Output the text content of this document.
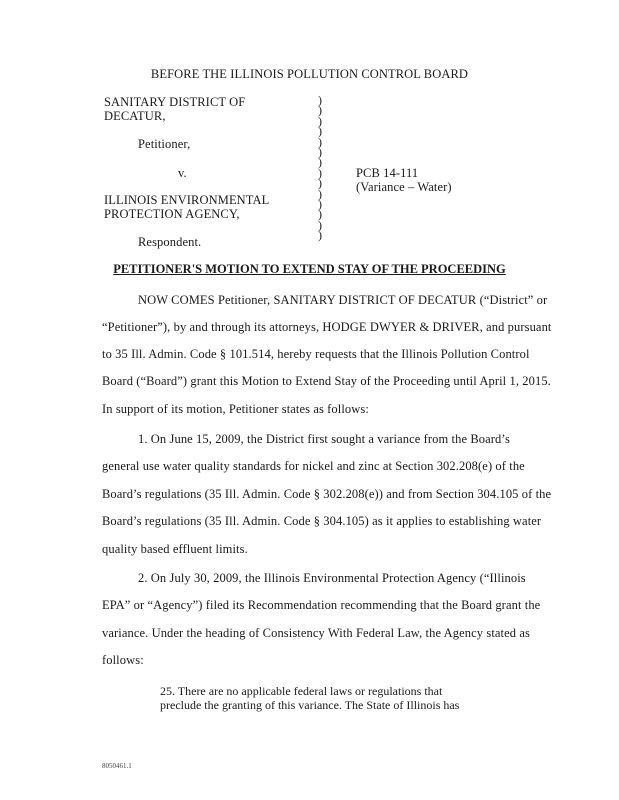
BEFORE THE ILLINOIS POLLUTION CONTROL BOARD
SANITARY DISTRICT OF
DECATUR,
Petitioner,
v.
ILLINOIS ENVIRONMENTAL
PROTECTION AGENCY,
Respondent.
)
)
)
)
)
)
)
)
)
)
)
)
)
)
PCB 14-111
(Variance – Water)
PETITIONER'S MOTION TO EXTEND STAY OF THE PROCEEDING
NOW COMES Petitioner, SANITARY DISTRICT OF DECATUR (“District” or
“Petitioner”), by and through its attorneys, HODGE DWYER & DRIVER, and pursuant
to 35 Ill. Admin. Code § 101.514, hereby requests that the Illinois Pollution Control
Board (“Board”) grant this Motion to Extend Stay of the Proceeding until April 1, 2015.
In support of its motion, Petitioner states as follows:
1. On June 15, 2009, the District first sought a variance from the Board’s
general use water quality standards for nickel and zinc at Section 302.208(e) of the
Board’s regulations (35 Ill. Admin. Code § 302.208(e)) and from Section 304.105 of the
Board’s regulations (35 Ill. Admin. Code § 304.105) as it applies to establishing water
quality based effluent limits.
2. On July 30, 2009, the Illinois Environmental Protection Agency (“Illinois
EPA” or “Agency”) filed its Recommendation recommending that the Board grant the
variance. Under the heading of Consistency With Federal Law, the Agency stated as
follows:
25. There are no applicable federal laws or regulations that
preclude the granting of this variance. The State of Illinois has
8050461.1
